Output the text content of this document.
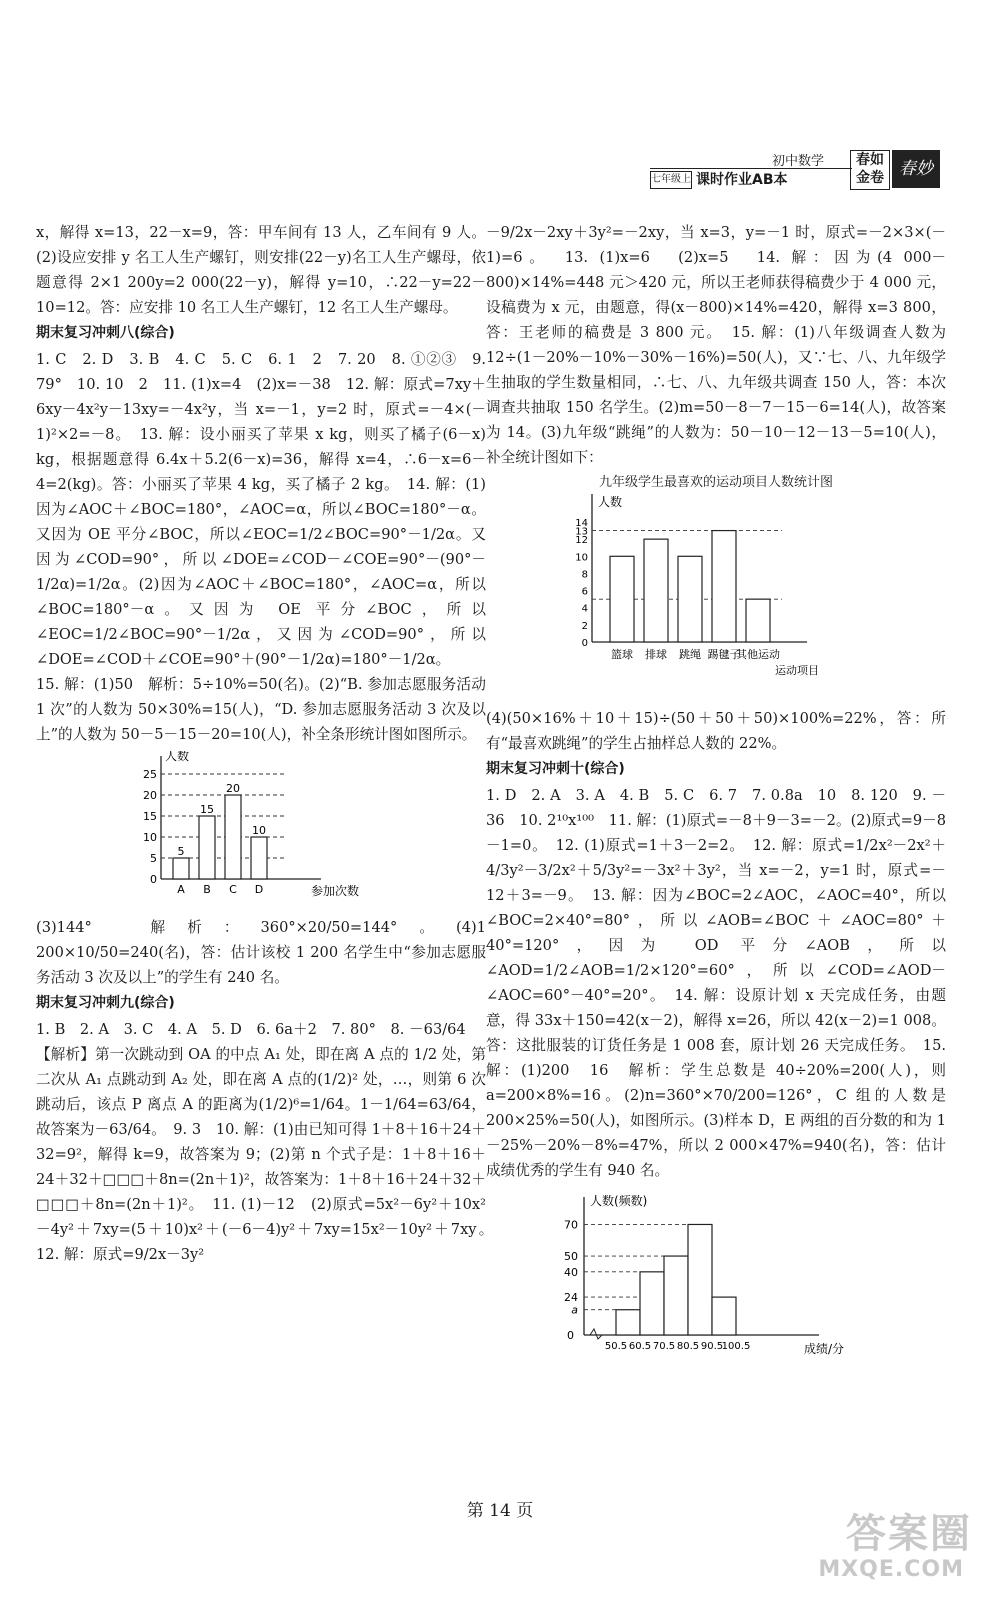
初中数学
七年级上 课时作业AB本
春如金卷 春妙

x，解得 x=13，22－x=9，答：甲车间有 13 人，乙车间有 9 人。(2)设应安排 y 名工人生产螺钉，则安排(22－y)名工人生产螺母，依题意得 2×1 200y=2 000(22－y)，解得 y=10，∴22－y=22－10=12。答：应安排 10 名工人生产螺钉，12 名工人生产螺母。

期末复习冲刺八(综合)

1. C　2. D　3. B　4. C　5. C　6. 1　2　7. 20　8. ①②③　9. 79°　10. 10　2　11. (1)x=4　(2)x=－38　12. 解：原式=7xy＋6xy－4x²y－13xy=－4x²y，当 x=－1，y=2 时，原式=－4×(－1)²×2=－8。　13. 解：设小丽买了苹果 x kg，则买了橘子(6－x) kg，根据题意得 6.4x＋5.2(6－x)=36，解得 x=4，∴6－x=6－4=2(kg)。答：小丽买了苹果 4 kg，买了橘子 2 kg。　14. 解：(1)因为∠AOC＋∠BOC=180°，∠AOC=α，所以∠BOC=180°－α。又因为 OE 平分∠BOC，所以∠EOC=1/2∠BOC=90°－1/2α。又因为∠COD=90°，所以∠DOE=∠COD－∠COE=90°－(90°－1/2α)=1/2α。(2)因为∠AOC＋∠BOC=180°，∠AOC=α，所以∠BOC=180°－α。又因为 OE 平分∠BOC，所以∠EOC=1/2∠BOC=90°－1/2α，又因为∠COD=90°，所以∠DOE=∠COD＋∠COE=90°＋(90°－1/2α)=180°－1/2α。

15. 解：(1)50　解析：5÷10%=50(名)。(2)“B. 参加志愿服务活动 1 次”的人数为 50×30%=15(人)，“D. 参加志愿服务活动 3 次及以上”的人数为 50－5－15－20=10(人)，补全条形统计图如图所示。

人数
参加次数
0
5
10
15
20
25
5
A
15
B
20
C
10
D

(3)144°　解析：360°×20/50=144°。(4)1 200×10/50=240(名)，答：估计该校 1 200 名学生中“参加志愿服务活动 3 次及以上”的学生有 240 名。

期末复习冲刺九(综合)

1. B　2. A　3. C　4. A　5. D　6. 6a＋2　7. 80°　8. －63/64

【解析】第一次跳动到 OA 的中点 A₁ 处，即在离 A 点的 1/2 处，第二次从 A₁ 点跳动到 A₂ 处，即在离 A 点的(1/2)² 处，…，则第 6 次跳动后，该点 P 离点 A 的距离为(1/2)⁶=1/64。1－1/64=63/64，故答案为－63/64。　9. 3　10. 解：(1)由已知可得 1＋8＋16＋24＋32=9²，解得 k=9，故答案为 9；(2)第 n 个式子是：1＋8＋16＋24＋32＋□□□＋8n=(2n＋1)²，故答案为：1＋8＋16＋24＋32＋□□□＋8n=(2n＋1)²。　11. (1)－12　(2)原式=5x²－6y²＋10x²－4y²＋7xy=(5＋10)x²＋(－6－4)y²＋7xy=15x²－10y²＋7xy。　12. 解：原式=9/2x－3y²

－9/2x－2xy＋3y²=－2xy，当 x=3，y=－1 时，原式=－2×3×(－1)=6。　13. (1)x=6　(2)x=5　14. 解：因为(4 000－800)×14%=448 元＞420 元，所以王老师获得稿费少于 4 000 元，设稿费为 x 元，由题意，得(x－800)×14%=420，解得 x=3 800，答：王老师的稿费是 3 800 元。　15. 解：(1)八年级调查人数为 12÷(1－20%－10%－30%－16%)=50(人)，又∵七、八、九年级学生抽取的学生数量相同，∴七、八、九年级共调查 150 人，答：本次调查共抽取 150 名学生。(2)m=50－8－7－15－6=14(人)，故答案为 14。(3)九年级“跳绳”的人数为：50－10－12－13－5=10(人)，补全统计图如下：

九年级学生最喜欢的运动项目人数统计图
人数
0
2
4
6
8
10
12
13
14
篮球 排球 跳绳 踢毽子
其他运动
运动项目

(4)(50×16%＋10＋15)÷(50＋50＋50)×100%=22%，答：所有“最喜欢跳绳”的学生占抽样总人数的 22%。

期末复习冲刺十(综合)

1. D　2. A　3. A　4. B　5. C　6. 7　7. 0.8a　10　8. 120　9. －36　10. 2¹⁰x¹⁰⁰　11. 解：(1)原式=－8＋9－3=－2。(2)原式=9－8－1=0。　12. (1)原式=1＋3－2=2。　12. 解：原式=1/2x²－2x²＋4/3y²－3/2x²＋5/3y²=－3x²＋3y²，当 x=－2，y=1 时，原式=－12＋3=－9。　13. 解：因为∠BOC=2∠AOC，∠AOC=40°，所以∠BOC=2×40°=80°，所以∠AOB=∠BOC＋∠AOC=80°＋40°=120°，因为 OD 平分∠AOB，所以∠AOD=1/2∠AOB=1/2×120°=60°，所以∠COD=∠AOD－∠AOC=60°－40°=20°。　14. 解：设原计划 x 天完成任务，由题意，得 33x＋150=42(x－2)，解得 x=26，所以 42(x－2)=1 008。答：这批服装的订货任务是 1 008 套，原计划 26 天完成任务。　15. 解：(1)200　16　解析：学生总数是 40÷20%=200(人)，则 a=200×8%=16。(2)n=360°×70/200=126°，C 组的人数是 200×25%=50(人)，如图所示。(3)样本 D，E 两组的百分数的和为 1－25%－20%－8%=47%，所以 2 000×47%=940(名)，答：估计成绩优秀的学生有 940 名。

人数(频数)
成绩/分
0
a
24
40
50
70
50.5 60.5 70.5 80.5 90.5
100.5
第 14 页	答案圈
MXQE.COM
